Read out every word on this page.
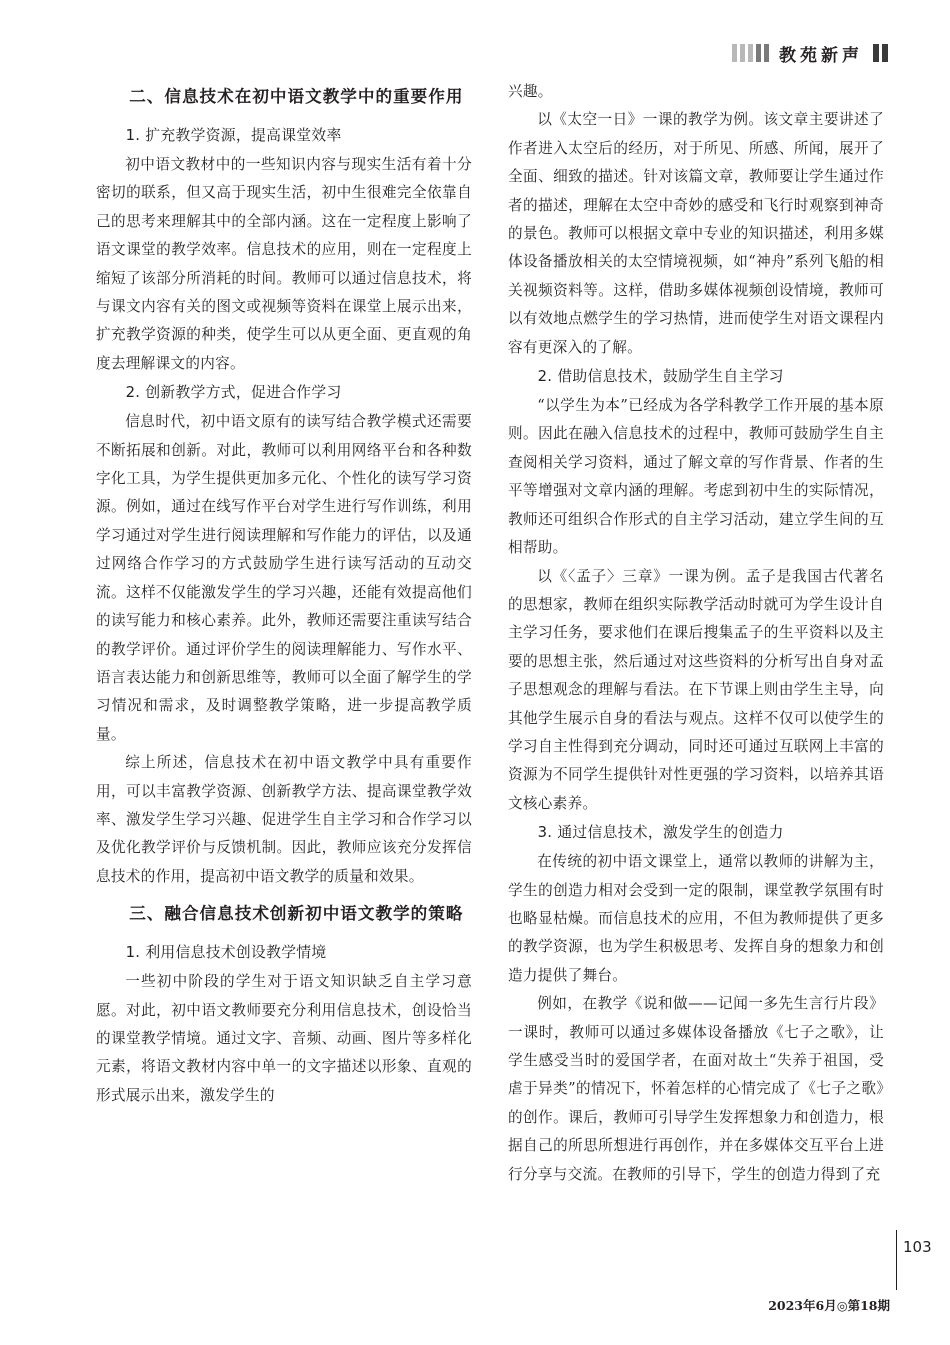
教苑新声
二、信息技术在初中语文教学中的重要作用
1. 扩充教学资源，提高课堂效率

初中语文教材中的一些知识内容与现实生活有着十分密切的联系，但又高于现实生活，初中生很难完全依靠自己的思考来理解其中的全部内涵。这在一定程度上影响了语文课堂的教学效率。信息技术的应用，则在一定程度上缩短了该部分所消耗的时间。教师可以通过信息技术，将与课文内容有关的图文或视频等资料在课堂上展示出来，扩充教学资源的种类，使学生可以从更全面、更直观的角度去理解课文的内容。

2. 创新教学方式，促进合作学习

信息时代，初中语文原有的读写结合教学模式还需要不断拓展和创新。对此，教师可以利用网络平台和各种数字化工具，为学生提供更加多元化、个性化的读写学习资源。例如，通过在线写作平台对学生进行写作训练，利用学习通过对学生进行阅读理解和写作能力的评估，以及通过网络合作学习的方式鼓励学生进行读写活动的互动交流。这样不仅能激发学生的学习兴趣，还能有效提高他们的读写能力和核心素养。此外，教师还需要注重读写结合的教学评价。通过评价学生的阅读理解能力、写作水平、语言表达能力和创新思维等，教师可以全面了解学生的学习情况和需求，及时调整教学策略，进一步提高教学质量。

综上所述，信息技术在初中语文教学中具有重要作用，可以丰富教学资源、创新教学方法、提高课堂教学效率、激发学生学习兴趣、促进学生自主学习和合作学习以及优化教学评价与反馈机制。因此，教师应该充分发挥信息技术的作用，提高初中语文教学的质量和效果。

三、融合信息技术创新初中语文教学的策略
1. 利用信息技术创设教学情境

一些初中阶段的学生对于语文知识缺乏自主学习意愿。对此，初中语文教师要充分利用信息技术，创设恰当的课堂教学情境。通过文字、音频、动画、图片等多样化元素，将语文教材内容中单一的文字描述以形象、直观的形式展示出来，激发学生的

兴趣。

以《太空一日》一课的教学为例。该文章主要讲述了作者进入太空后的经历，对于所见、所感、所闻，展开了全面、细致的描述。针对该篇文章，教师要让学生通过作者的描述，理解在太空中奇妙的感受和飞行时观察到神奇的景色。教师可以根据文章中专业的知识描述，利用多媒体设备播放相关的太空情境视频，如“神舟”系列飞船的相关视频资料等。这样，借助多媒体视频创设情境，教师可以有效地点燃学生的学习热情，进而使学生对语文课程内容有更深入的了解。

2. 借助信息技术，鼓励学生自主学习

“以学生为本”已经成为各学科教学工作开展的基本原则。因此在融入信息技术的过程中，教师可鼓励学生自主查阅相关学习资料，通过了解文章的写作背景、作者的生平等增强对文章内涵的理解。考虑到初中生的实际情况，教师还可组织合作形式的自主学习活动，建立学生间的互相帮助。

以《〈孟子〉三章》一课为例。孟子是我国古代著名的思想家，教师在组织实际教学活动时就可为学生设计自主学习任务，要求他们在课后搜集孟子的生平资料以及主要的思想主张，然后通过对这些资料的分析写出自身对孟子思想观念的理解与看法。在下节课上则由学生主导，向其他学生展示自身的看法与观点。这样不仅可以使学生的学习自主性得到充分调动，同时还可通过互联网上丰富的资源为不同学生提供针对性更强的学习资料，以培养其语文核心素养。

3. 通过信息技术，激发学生的创造力

在传统的初中语文课堂上，通常以教师的讲解为主，学生的创造力相对会受到一定的限制，课堂教学氛围有时也略显枯燥。而信息技术的应用，不但为教师提供了更多的教学资源，也为学生积极思考、发挥自身的想象力和创造力提供了舞台。

例如，在教学《说和做——记闻一多先生言行片段》一课时，教师可以通过多媒体设备播放《七子之歌》，让学生感受当时的爱国学者，在面对故土“失养于祖国，受虐于异类”的情况下，怀着怎样的心情完成了《七子之歌》的创作。课后，教师可引导学生发挥想象力和创造力，根据自己的所思所想进行再创作，并在多媒体交互平台上进行分享与交流。在教师的引导下，学生的创造力得到了充

103
2023年6月◎第18期
